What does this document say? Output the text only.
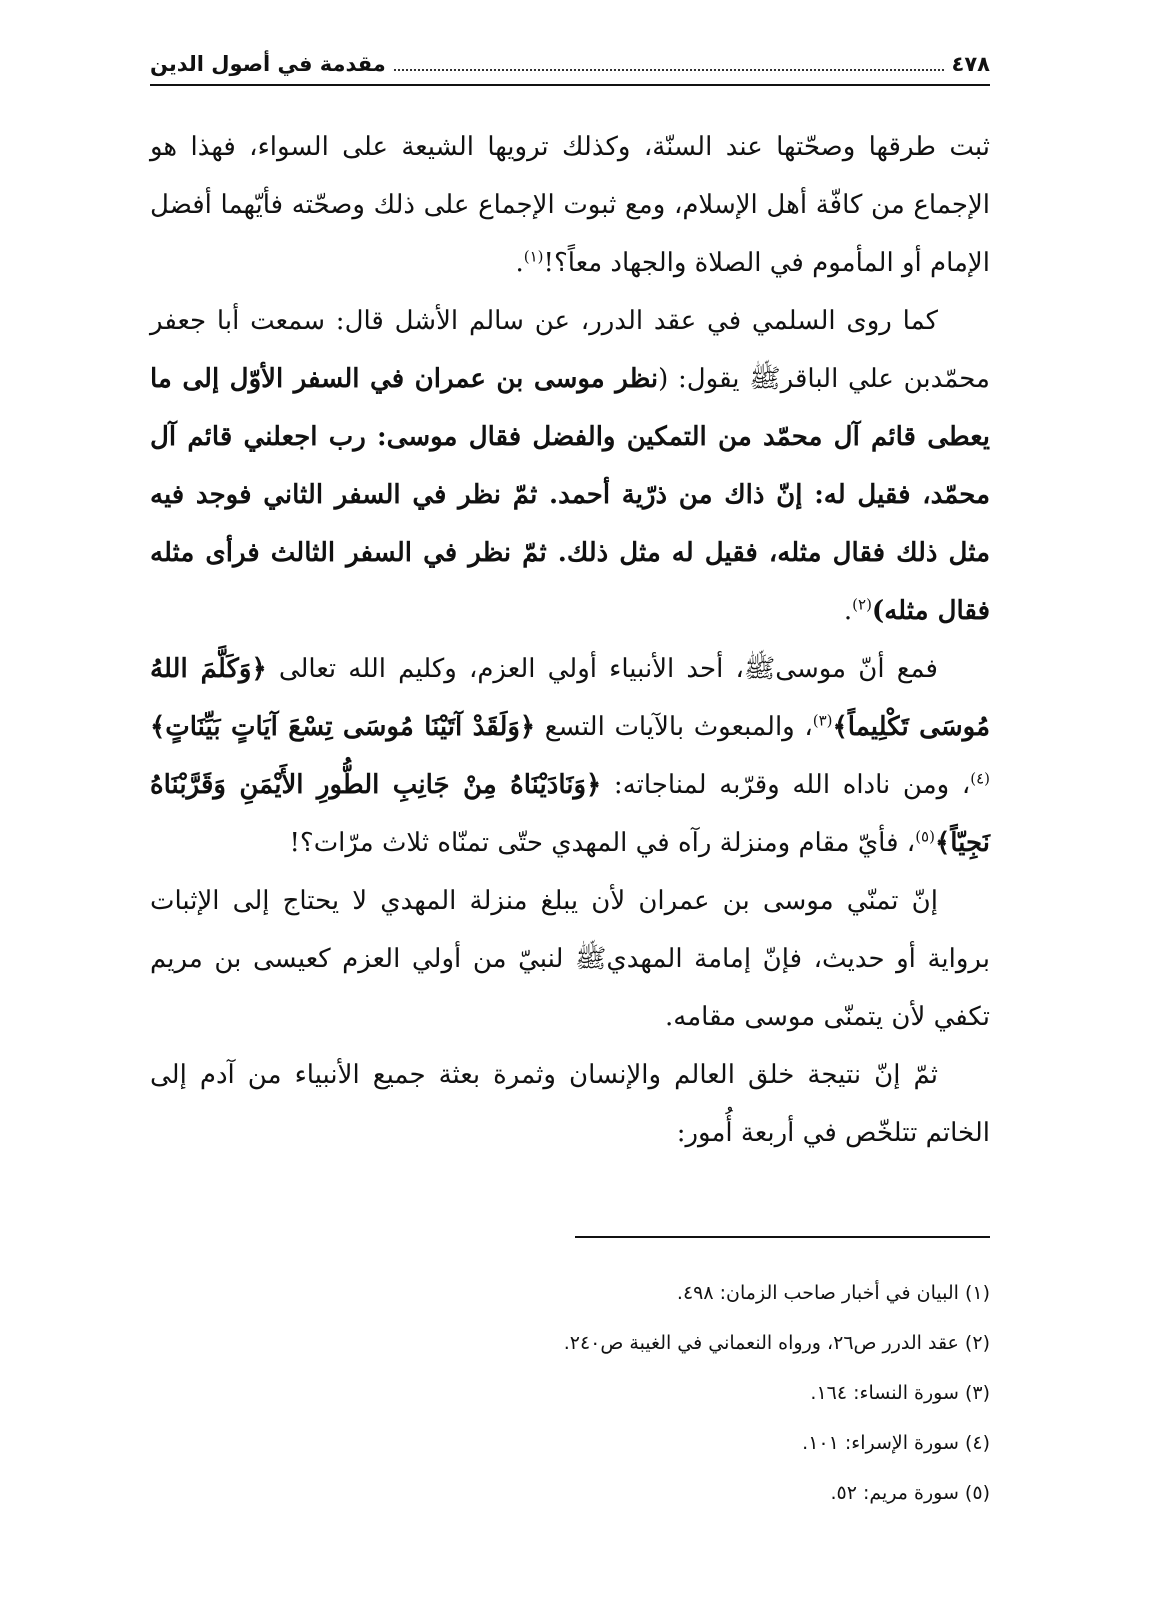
٤٧٨
مقدمة في أصول الدين

ثبت طرقها وصحّتها عند السنّة، وكذلك ترويها الشيعة على السواء، فهذا هو الإجماع من كافّة أهل الإسلام، ومع ثبوت الإجماع على ذلك وصحّته فأيّهما أفضل الإمام أو المأموم في الصلاة والجهاد معاً؟!$^{(١)}$.

كما روى السلمي في عقد الدرر، عن سالم الأشل قال: سمعت أبا جعفر محمّدبن علي الباقرﷺ يقول: (نظر موسى بن عمران في السفر الأوّل إلى ما يعطى قائم آل محمّد من التمكين والفضل فقال موسى: رب اجعلني قائم آل محمّد، فقيل له: إنّ ذاك من ذرّية أحمد. ثمّ نظر في السفر الثاني فوجد فيه مثل ذلك فقال مثله، فقيل له مثل ذلك. ثمّ نظر في السفر الثالث فرأى مثله فقال مثله)$^{(٢)}$.

فمع أنّ موسىﷺ، أحد الأنبياء أولي العزم، وكليم الله تعالى ﴿وَكَلَّمَ اللهُ مُوسَى تَكْلِيماً﴾$^{(٣)}$، والمبعوث بالآيات التسع ﴿وَلَقَدْ آتَيْنَا مُوسَى تِسْعَ آيَاتٍ بَيِّنَاتٍ﴾$^{(٤)}$، ومن ناداه الله وقرّبه لمناجاته: ﴿وَنَادَيْنَاهُ مِنْ جَانِبِ الطُّورِ الأَيْمَنِ وَقَرَّبْنَاهُ نَجِيّاً﴾$^{(٥)}$، فأيّ مقام ومنزلة رآه في المهدي حتّى تمنّاه ثلاث مرّات؟!

إنّ تمنّي موسى بن عمران لأن يبلغ منزلة المهدي لا يحتاج إلى الإثبات برواية أو حديث، فإنّ إمامة المهديﷺ لنبيّ من أولي العزم كعيسى بن مريم تكفي لأن يتمنّى موسى مقامه.

ثمّ إنّ نتيجة خلق العالم والإنسان وثمرة بعثة جميع الأنبياء من آدم إلى الخاتم تتلخّص في أربعة أُمور:

(١) البيان في أخبار صاحب الزمان: ٤٩٨.
(٢) عقد الدرر ص٢٦، ورواه النعماني في الغيبة ص٢٤٠.
(٣) سورة النساء: ١٦٤.
(٤) سورة الإسراء: ١٠١.
(٥) سورة مريم: ٥٢.
